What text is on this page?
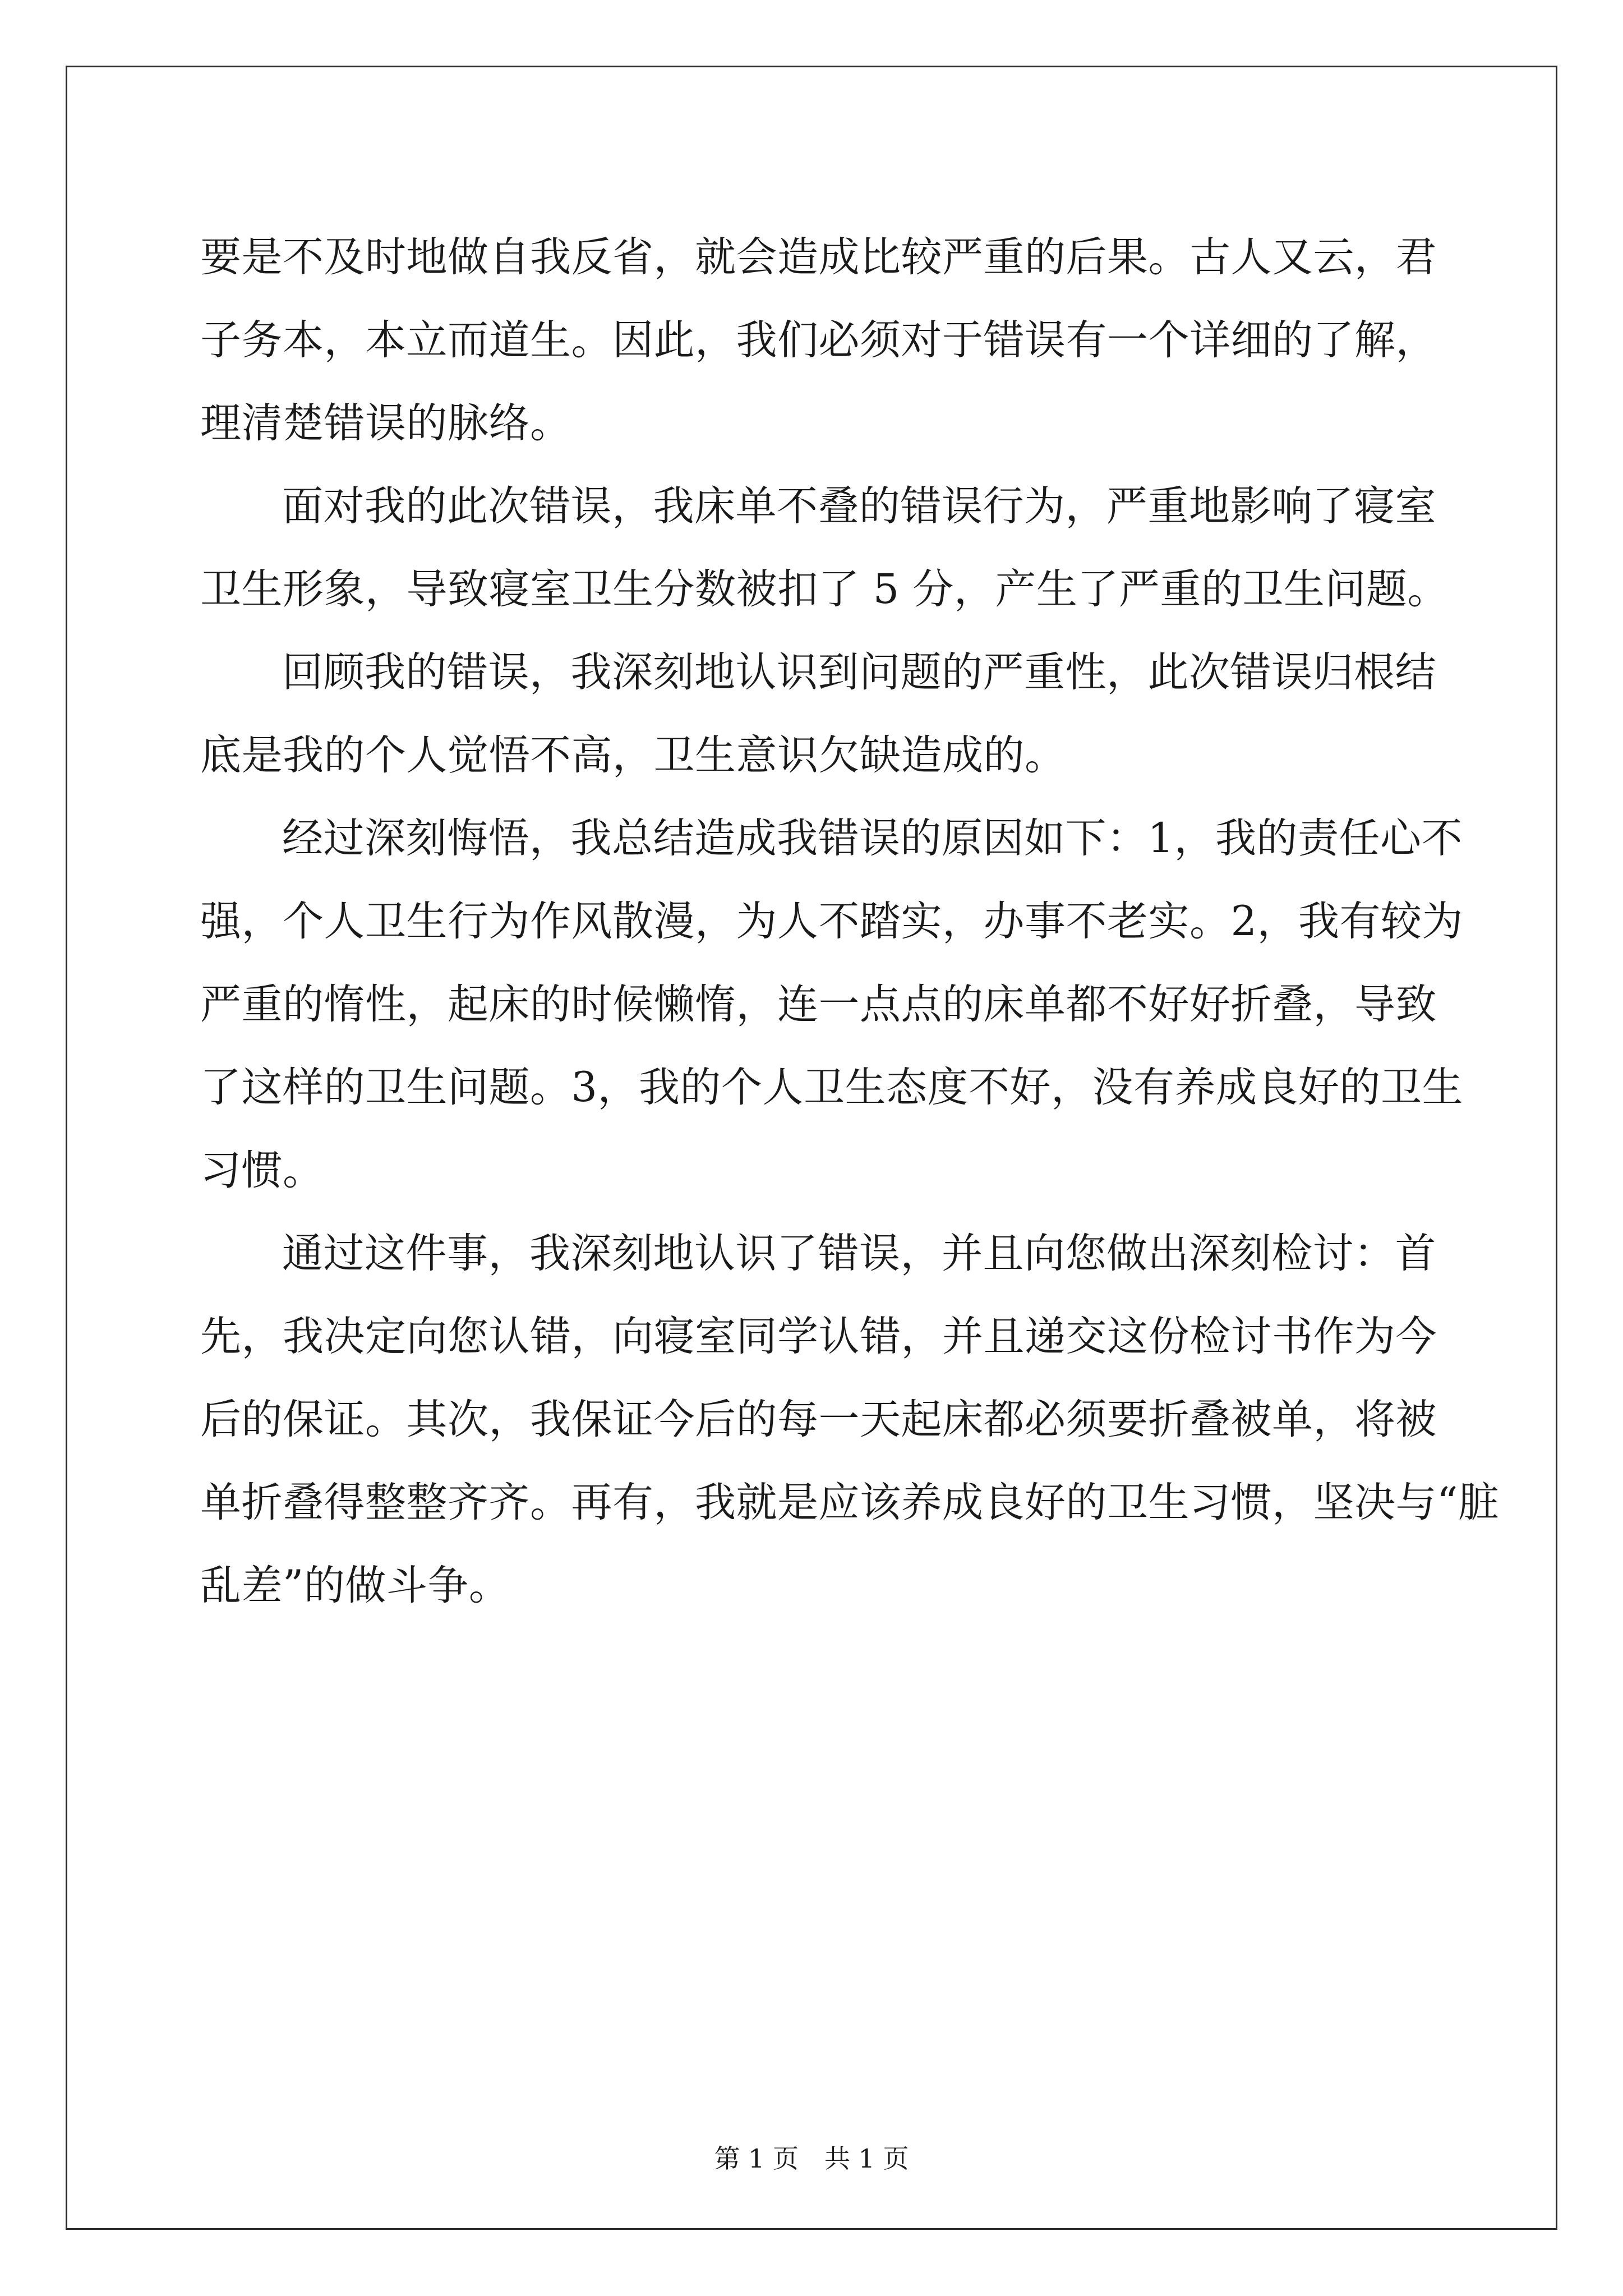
要是不及时地做自我反省，就会造成比较严重的后果。古人又云，君
子务本，本立而道生。因此，我们必须对于错误有一个详细的了解，
理清楚错误的脉络。
面对我的此次错误，我床单不叠的错误行为，严重地影响了寝室
卫生形象，导致寝室卫生分数被扣了 5 分，产生了严重的卫生问题。
回顾我的错误，我深刻地认识到问题的严重性，此次错误归根结
底是我的个人觉悟不高，卫生意识欠缺造成的。
经过深刻悔悟，我总结造成我错误的原因如下：1，我的责任心不
强，个人卫生行为作风散漫，为人不踏实，办事不老实。2，我有较为
严重的惰性，起床的时候懒惰，连一点点的床单都不好好折叠，导致
了这样的卫生问题。3，我的个人卫生态度不好，没有养成良好的卫生
习惯。
通过这件事，我深刻地认识了错误，并且向您做出深刻检讨：首
先，我决定向您认错，向寝室同学认错，并且递交这份检讨书作为今
后的保证。其次，我保证今后的每一天起床都必须要折叠被单，将被
单折叠得整整齐齐。再有，我就是应该养成良好的卫生习惯，坚决与“脏
乱差”的做斗争。
第 1 页 共 1 页
